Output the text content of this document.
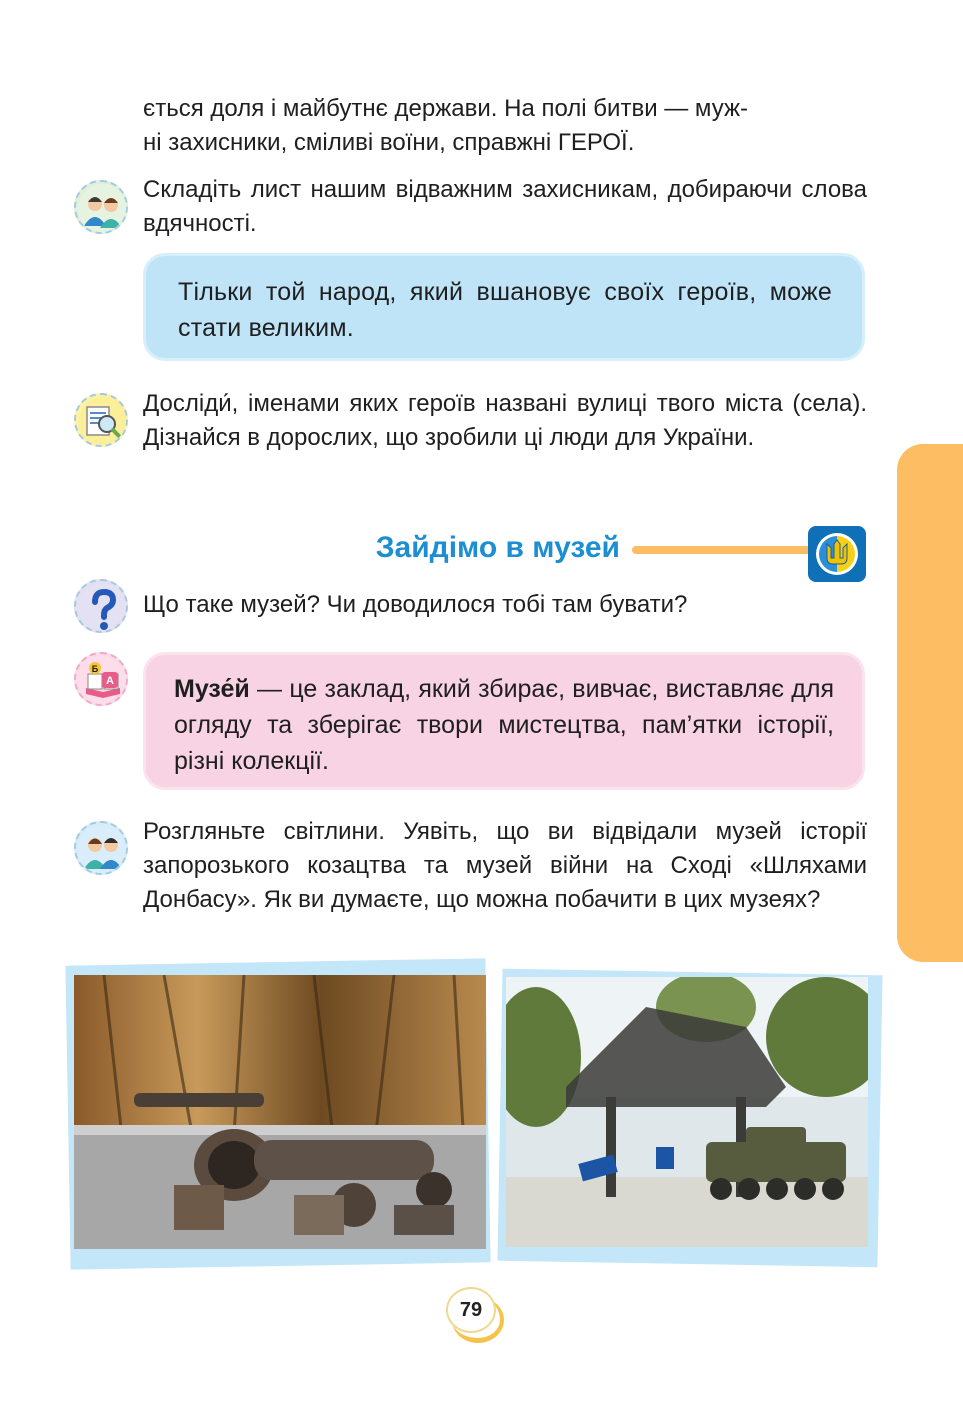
ється доля і майбутнє держави. На полі битви — муж-

ні захисники, сміливі воїни, справжні ГЕРОЇ.

Складіть лист нашим відважним захисникам, добираючи слова вдячності.

Тільки той народ, який вшановує своїх героїв, може стати великим.

Досліди́, іменами яких героїв названі вулиці твого міста (села). Дізнайся в дорослих, що зробили ці люди для України.

Зайдімо в музей

Що таке музей? Чи доводилося тобі там бувати?

Б
А Музе́й — це заклад, який збирає, вивчає, виставляє для огляду та зберігає твори мистецтва, пам’ятки історії, різні колекції.

Розгляньте світлини. Уявіть, що ви відвідали музей історії запорозького козацтва та музей війни на Сході «Шляхами Донбасу». Як ви думаєте, що можна побачити в цих музеях?

79
